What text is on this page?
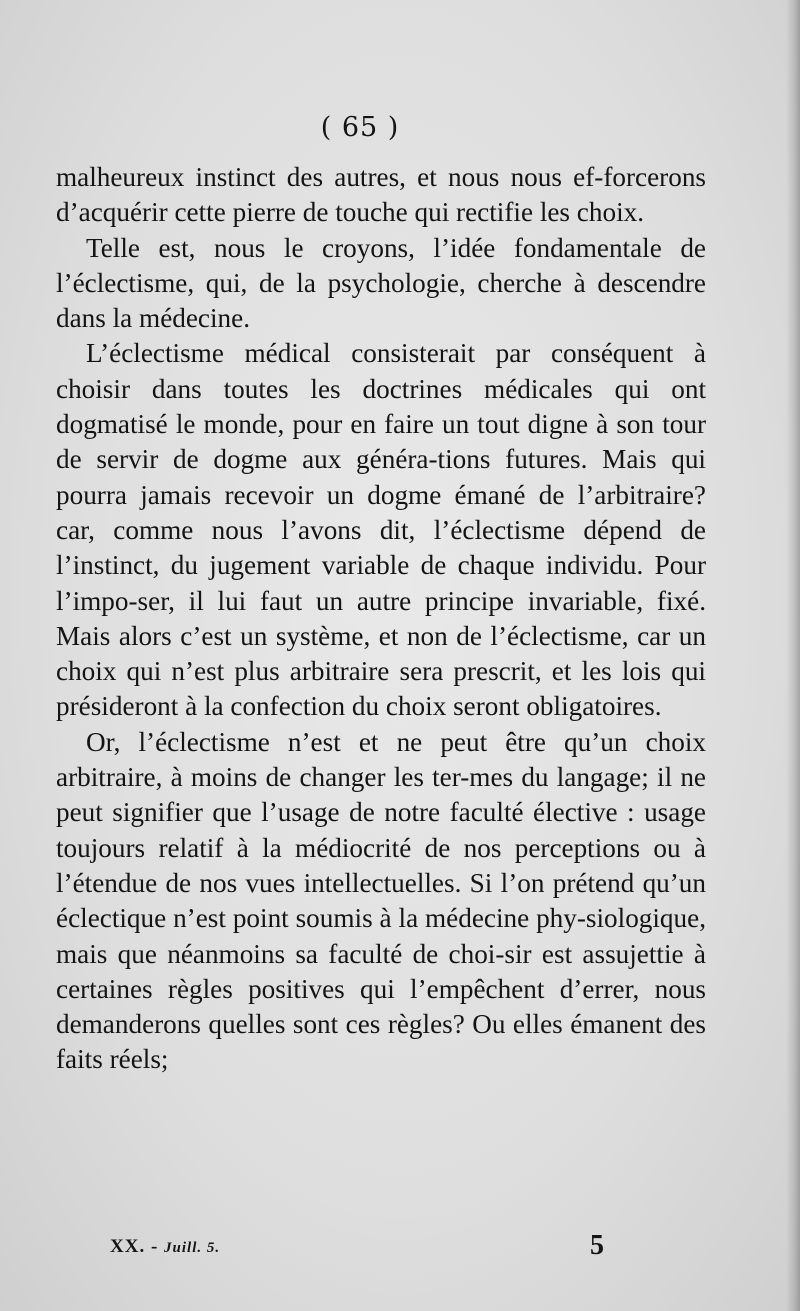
( 65 )

malheureux instinct des autres, et nous nous ef-forcerons d’acquérir cette pierre de touche qui rectifie les choix.

Telle est, nous le croyons, l’idée fondamentale de l’éclectisme, qui, de la psychologie, cherche à descendre dans la médecine.

L’éclectisme médical consisterait par conséquent à choisir dans toutes les doctrines médicales qui ont dogmatisé le monde, pour en faire un tout digne à son tour de servir de dogme aux généra-tions futures. Mais qui pourra jamais recevoir un dogme émané de l’arbitraire? car, comme nous l’avons dit, l’éclectisme dépend de l’instinct, du jugement variable de chaque individu. Pour l’impo-ser, il lui faut un autre principe invariable, fixé. Mais alors c’est un système, et non de l’éclectisme, car un choix qui n’est plus arbitraire sera prescrit, et les lois qui présideront à la confection du choix seront obligatoires.

Or, l’éclectisme n’est et ne peut être qu’un choix arbitraire, à moins de changer les ter-mes du langage; il ne peut signifier que l’usage de notre faculté élective : usage toujours relatif à la médiocrité de nos perceptions ou à l’étendue de nos vues intellectuelles. Si l’on prétend qu’un éclectique n’est point soumis à la médecine phy-siologique, mais que néanmoins sa faculté de choi-sir est assujettie à certaines règles positives qui l’empêchent d’errer, nous demanderons quelles sont ces règles? Ou elles émanent des faits réels;

XX. - Juill. 5.	5
